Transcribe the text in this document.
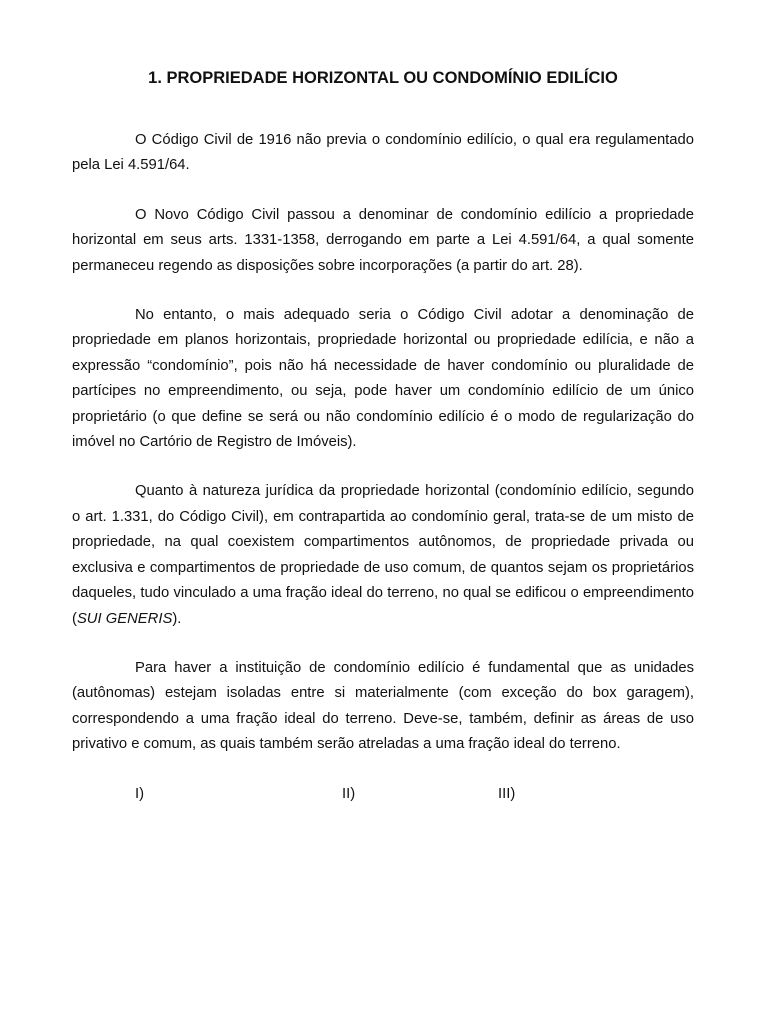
1. PROPRIEDADE HORIZONTAL OU CONDOMÍNIO EDILÍCIO

O Código Civil de 1916 não previa o condomínio edilício, o qual era regulamentado pela Lei 4.591/64.

O Novo Código Civil passou a denominar de condomínio edilício a propriedade horizontal em seus arts. 1331-1358, derrogando em parte a Lei 4.591/64, a qual somente permaneceu regendo as disposições sobre incorporações (a partir do art. 28).

No entanto, o mais adequado seria o Código Civil adotar a denominação de propriedade em planos horizontais, propriedade horizontal ou propriedade edilícia, e não a expressão “condomínio”, pois não há necessidade de haver condomínio ou pluralidade de partícipes no empreendimento, ou seja, pode haver um condomínio edilício de um único proprietário (o que define se será ou não condomínio edilício é o modo de regularização do imóvel no Cartório de Registro de Imóveis).

Quanto à natureza jurídica da propriedade horizontal (condomínio edilício, segundo o art. 1.331, do Código Civil), em contrapartida ao condomínio geral, trata-se de um misto de propriedade, na qual coexistem compartimentos autônomos, de propriedade privada ou exclusiva e compartimentos de propriedade de uso comum, de quantos sejam os proprietários daqueles, tudo vinculado a uma fração ideal do terreno, no qual se edificou o empreendimento (SUI GENERIS).

Para haver a instituição de condomínio edilício é fundamental que as unidades (autônomas) estejam isoladas entre si materialmente (com exceção do box garagem), correspondendo a uma fração ideal do terreno. Deve-se, também, definir as áreas de uso privativo e comum, as quais também serão atreladas a uma fração ideal do terreno.

I)	II)	III)
